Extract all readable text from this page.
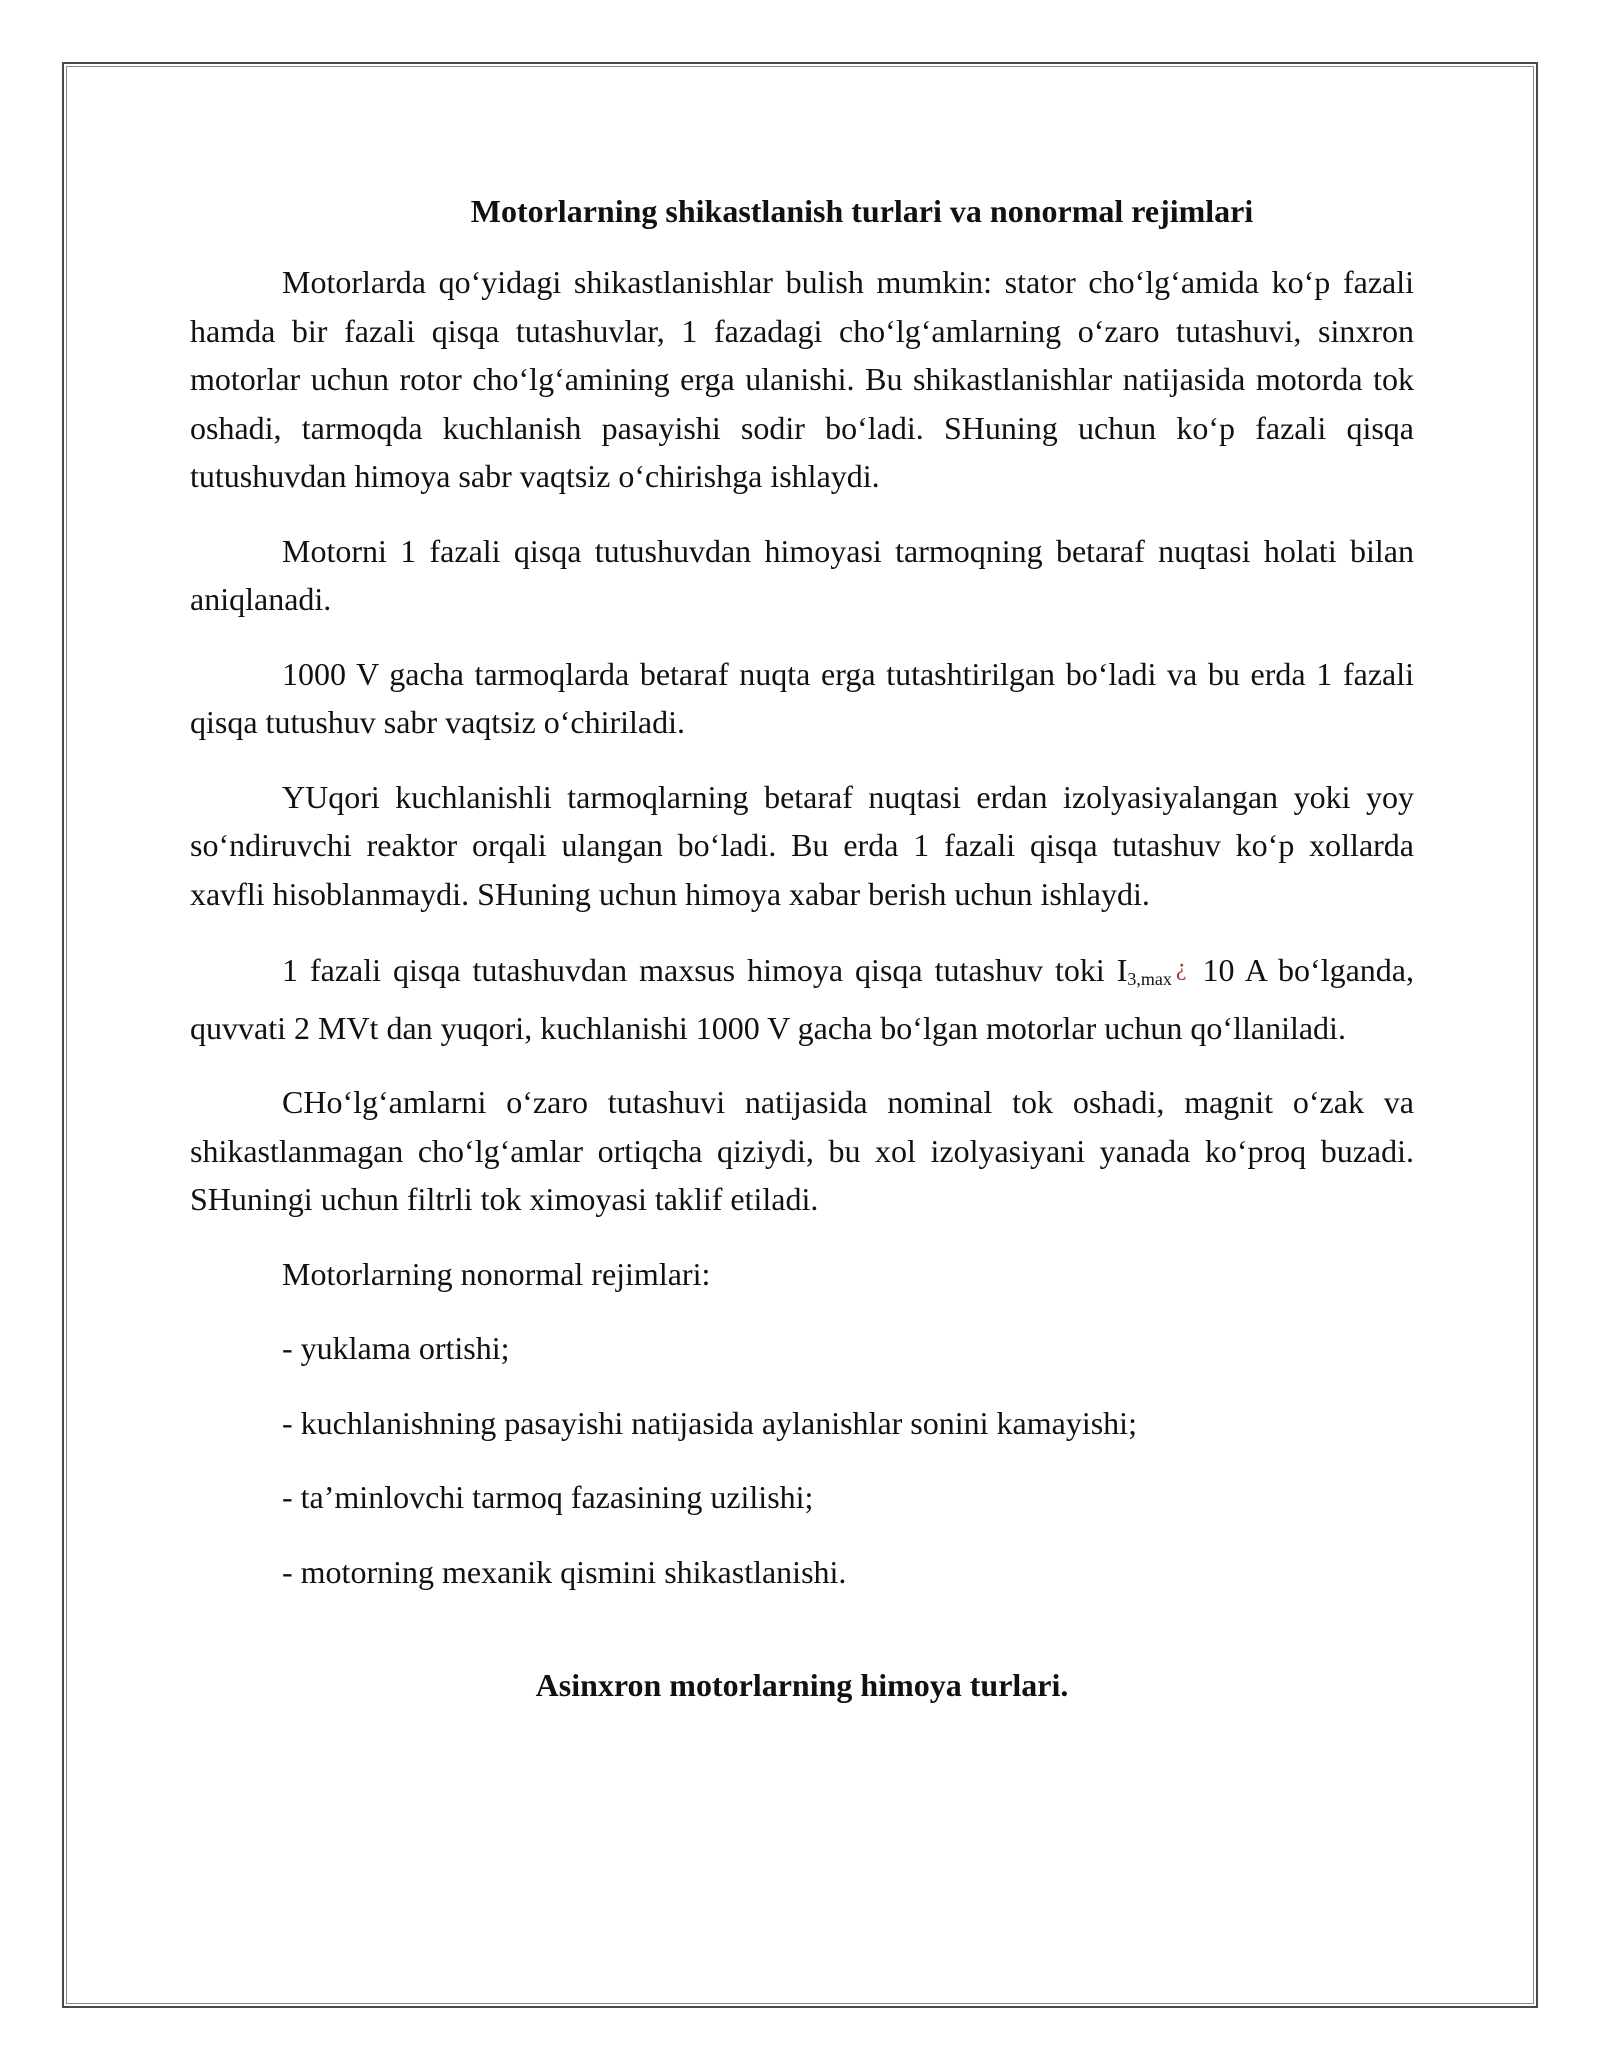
Motorlarning shikastlanish turlari va nonormal rejimlari

Motorlarda qo‘yidagi shikastlanishlar bulish mumkin: stator cho‘lg‘amida ko‘p fazali hamda bir fazali qisqa tutashuvlar, 1 fazadagi cho‘lg‘amlarning o‘zaro tutashuvi, sinxron motorlar uchun rotor cho‘lg‘amining erga ulanishi. Bu shikastlanishlar natijasida motorda tok oshadi, tarmoqda kuchlanish pasayishi sodir bo‘ladi. SHuning uchun ko‘p fazali qisqa tutushuvdan himoya sabr vaqtsiz o‘chirishga ishlaydi.

Motorni 1 fazali qisqa tutushuvdan himoyasi tarmoqning betaraf nuqtasi holati bilan aniqlanadi.

1000 V gacha tarmoqlarda betaraf nuqta erga tutashtirilgan bo‘ladi va bu erda 1 fazali qisqa tutushuv sabr vaqtsiz o‘chiriladi.

YUqori kuchlanishli tarmoqlarning betaraf nuqtasi erdan izolyasiyalangan yoki yoy so‘ndiruvchi reaktor orqali ulangan bo‘ladi. Bu erda 1 fazali qisqa tutashuv ko‘p xollarda xavfli hisoblanmaydi. SHuning uchun himoya xabar berish uchun ishlaydi.

1 fazali qisqa tutashuvdan maxsus himoya qisqa tutashuv toki $I_{3,max}$ ¿ 10 A bo‘lganda, quvvati 2 MVt dan yuqori, kuchlanishi 1000 V gacha bo‘lgan motorlar uchun qo‘llaniladi.

CHo‘lg‘amlarni o‘zaro tutashuvi natijasida nominal tok oshadi, magnit o‘zak va shikastlanmagan cho‘lg‘amlar ortiqcha qiziydi, bu xol izolyasiyani yanada ko‘proq buzadi. SHuningi uchun filtrli tok ximoyasi taklif etiladi.

Motorlarning nonormal rejimlari:

- yuklama ortishi;

- kuchlanishning pasayishi natijasida aylanishlar sonini kamayishi;

- ta’minlovchi tarmoq fazasining uzilishi;

- motorning mexanik qismini shikastlanishi.

Asinxron motorlarning himoya turlari.
